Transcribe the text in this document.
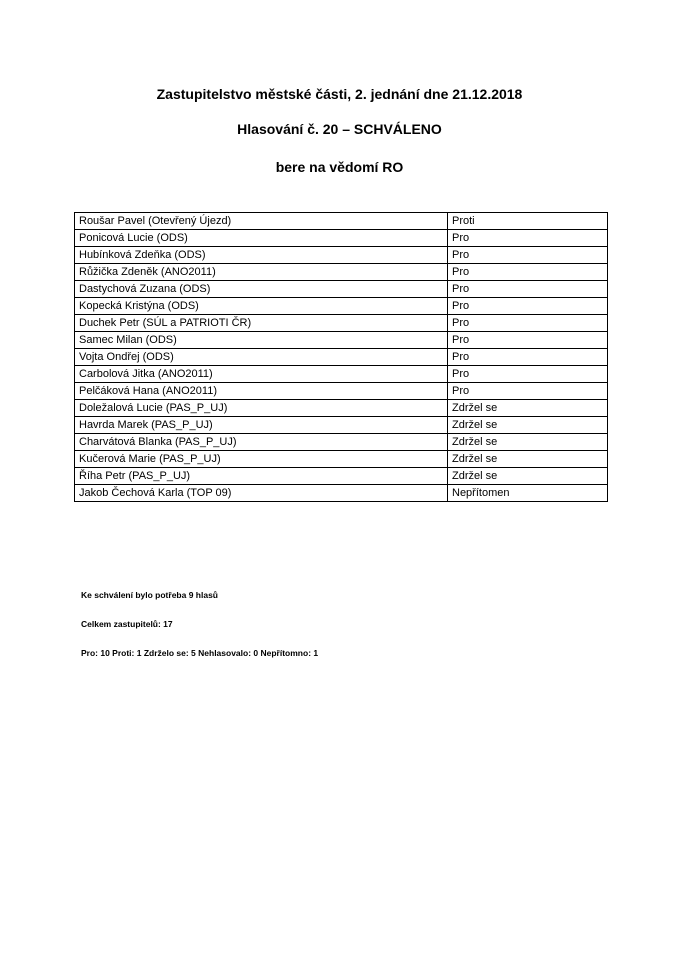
Zastupitelstvo městské části, 2. jednání dne 21.12.2018
Hlasování č. 20 – SCHVÁLENO
bere na vědomí RO
Roušar Pavel (Otevřený Újezd)	Proti
Ponicová Lucie (ODS)	Pro
Hubínková Zdeňka (ODS)	Pro
Růžička Zdeněk (ANO2011)	Pro
Dastychová Zuzana (ODS)	Pro
Kopecká Kristýna (ODS)	Pro
Duchek Petr (SÚL a PATRIOTI ČR)	Pro
Samec Milan (ODS)	Pro
Vojta Ondřej (ODS)	Pro
Carbolová Jitka (ANO2011)	Pro
Pelčáková Hana (ANO2011)	Pro
Doležalová Lucie (PAS_P_UJ)	Zdržel se
Havrda Marek (PAS_P_UJ)	Zdržel se
Charvátová Blanka (PAS_P_UJ)	Zdržel se
Kučerová Marie (PAS_P_UJ)	Zdržel se
Říha Petr (PAS_P_UJ)	Zdržel se
Jakob Čechová Karla (TOP 09)	Nepřítomen
Ke schválení bylo potřeba 9 hlasů
Celkem zastupitelů: 17
Pro: 10 Proti: 1 Zdrželo se: 5 Nehlasovalo: 0 Nepřítomno: 1
